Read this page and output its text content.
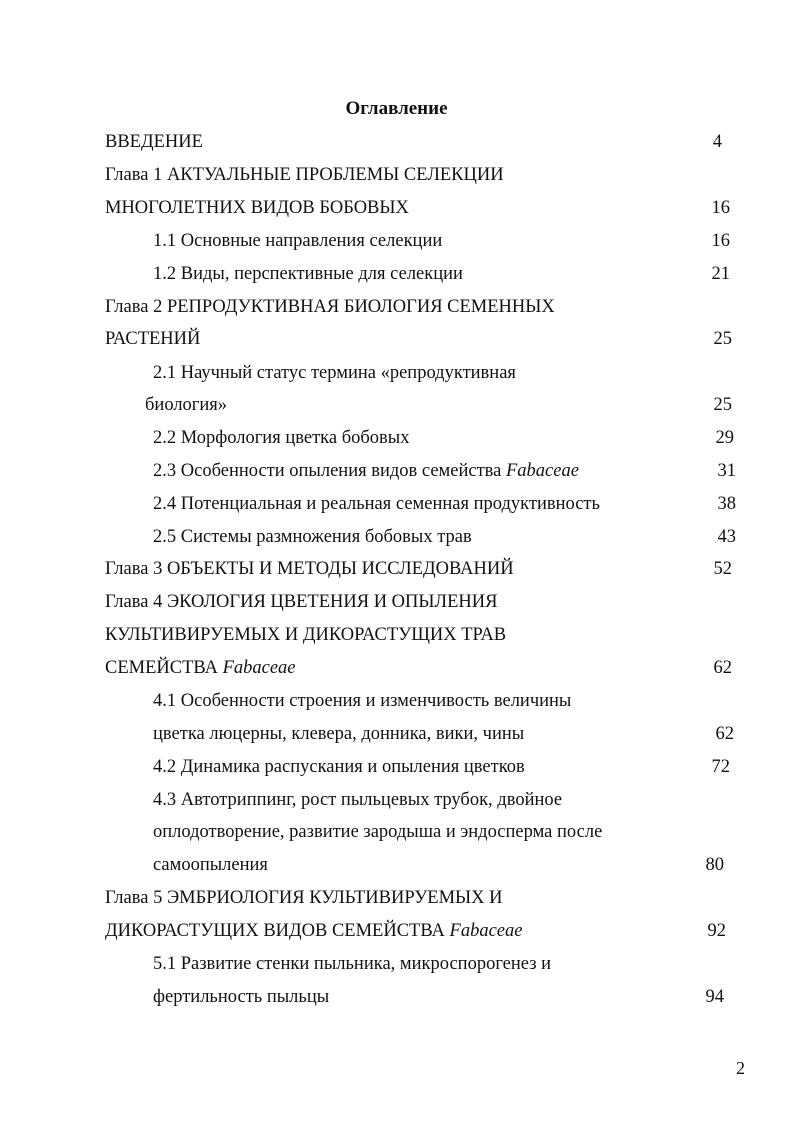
Оглавление
ВВЕДЕНИЕ	4
Глава 1 АКТУАЛЬНЫЕ ПРОБЛЕМЫ СЕЛЕКЦИИ
МНОГОЛЕТНИХ ВИДОВ БОБОВЫХ	16
1.1 Основные направления селекции	16
1.2 Виды, перспективные для селекции	21
Глава 2 РЕПРОДУКТИВНАЯ БИОЛОГИЯ СЕМЕННЫХ
РАСТЕНИЙ	25
2.1 Научный статус термина «репродуктивная
биология»	25
2.2 Морфология цветка бобовых	29
2.3 Особенности опыления видов семейства Fabaceae	31
2.4 Потенциальная и реальная семенная продуктивность	38
2.5 Системы размножения бобовых трав	43
Глава 3 ОБЪЕКТЫ И МЕТОДЫ ИССЛЕДОВАНИЙ	52
Глава 4 ЭКОЛОГИЯ ЦВЕТЕНИЯ И ОПЫЛЕНИЯ
КУЛЬТИВИРУЕМЫХ И ДИКОРАСТУЩИХ ТРАВ
СЕМЕЙСТВА Fabaceae	62
4.1 Особенности строения и изменчивость величины
цветка люцерны, клевера, донника, вики, чины	62
4.2 Динамика распускания и опыления цветков	72
4.3 Автотриппинг, рост пыльцевых трубок, двойное
оплодотворение, развитие зародыша и эндосперма после
самоопыления	80
Глава 5 ЭМБРИОЛОГИЯ КУЛЬТИВИРУЕМЫХ И
ДИКОРАСТУЩИХ ВИДОВ СЕМЕЙСТВА Fabaceae	92
5.1 Развитие стенки пыльника, микроспорогенез и
фертильность пыльцы	94
2
